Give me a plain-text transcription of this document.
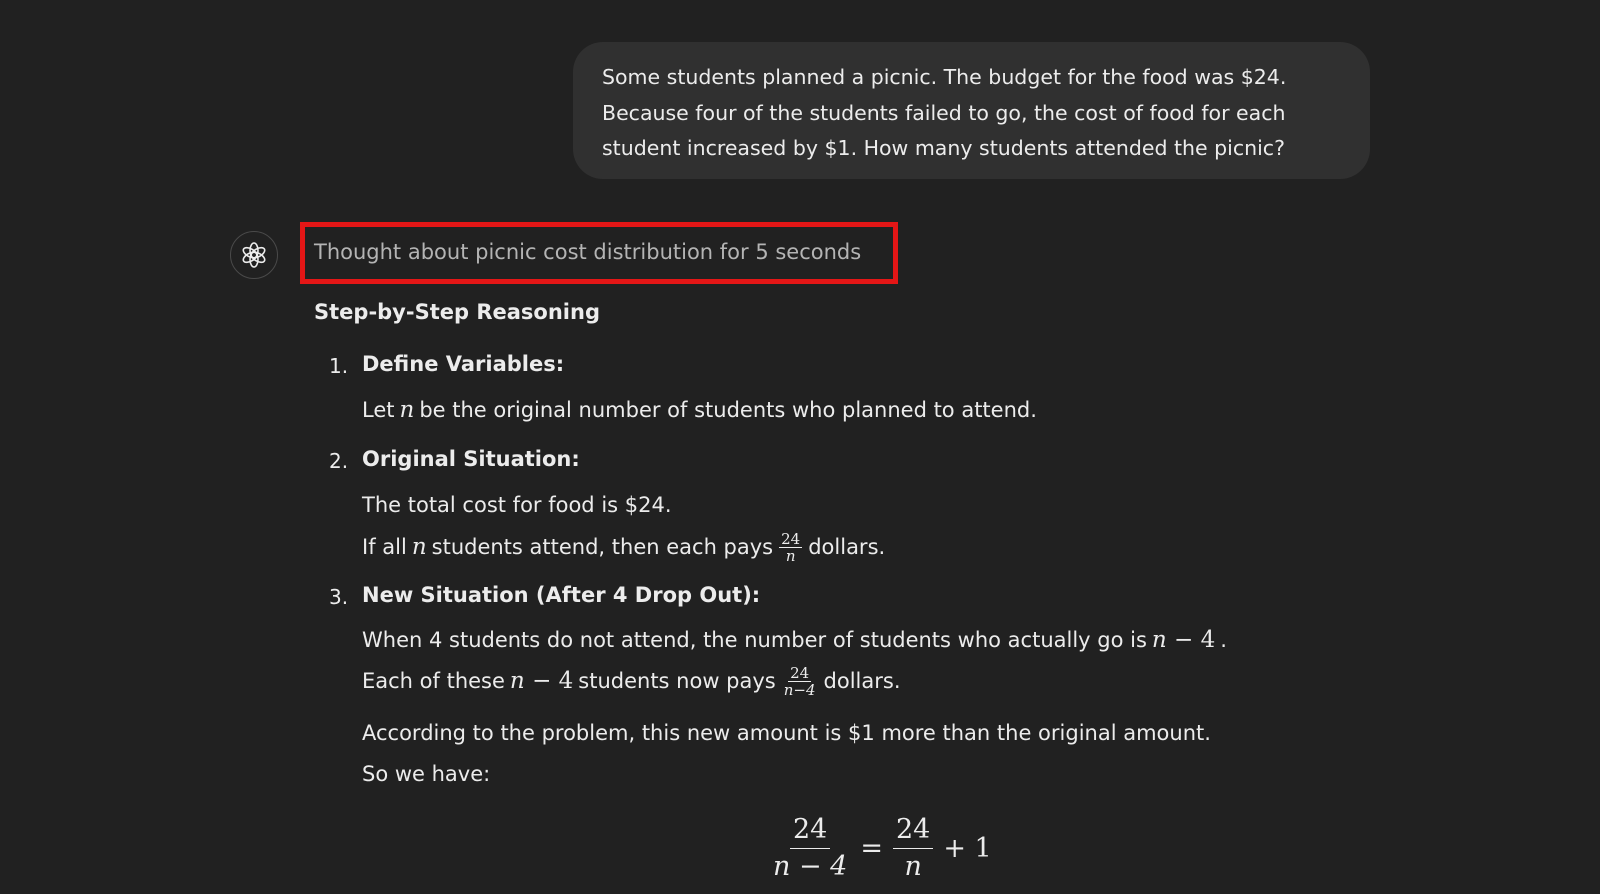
Some students planned a picnic. The budget for the food was $24.
Because four of the students failed to go, the cost of food for each
student increased by $1. How many students attended the picnic?
Thought about picnic cost distribution for 5 seconds
Step-by-Step Reasoning
1. Define Variables:
Let n be the original number of students who planned to attend.
2. Original Situation:
The total cost for food is $24.
If all n students attend, then each pays $\frac{24}{n}$ dollars.
3. New Situation (After 4 Drop Out):
When 4 students do not attend, the number of students who actually go is n − 4 .
Each of these n − 4 students now pays $\frac{24}{n-4}$ dollars.
According to the problem, this new amount is $1 more than the original amount.
So we have:
$\frac{24}{n - 4} = \frac{24}{n} + 1$
